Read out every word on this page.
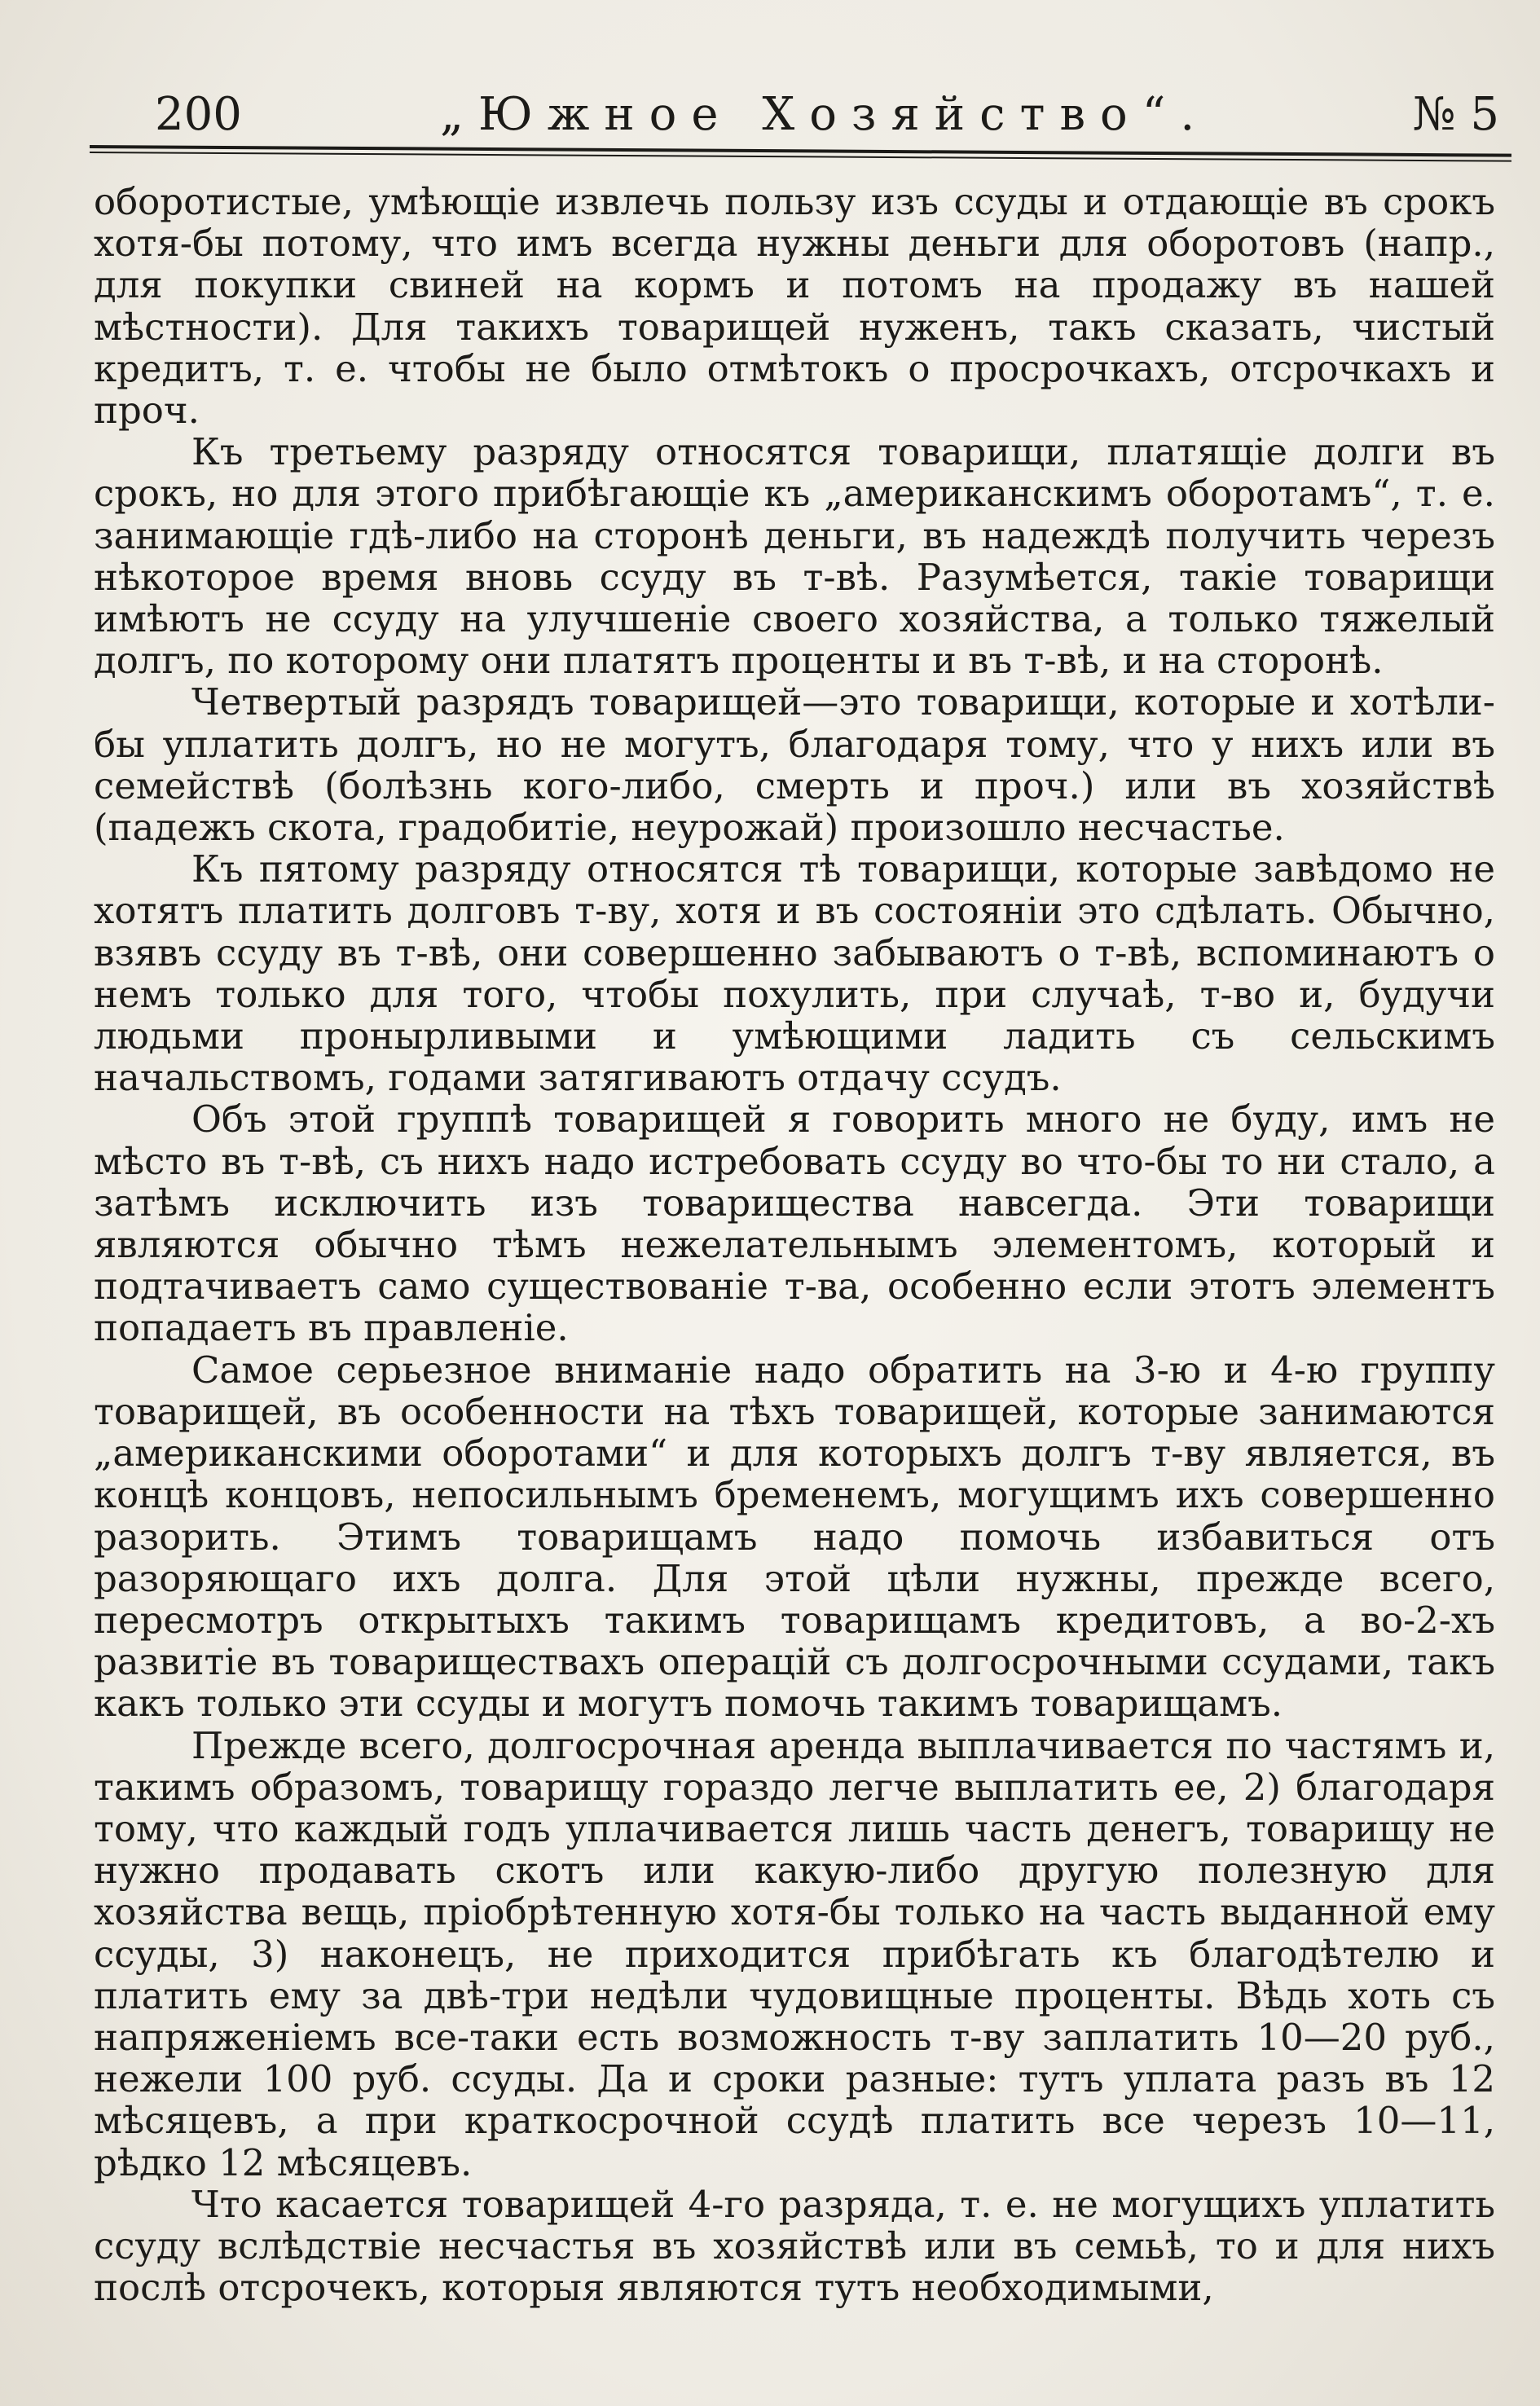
200	„Южное Хозяйство“.	№ 5

оборотистые, умѣющіе извлечь пользу изъ ссуды и отдающіе въ срокъ хотя-бы потому, что имъ всегда нужны деньги для оборотовъ (напр., для покупки свиней на кормъ и потомъ на продажу въ нашей мѣстности). Для такихъ товарищей нуженъ, такъ сказать, чистый кредитъ, т. е. чтобы не было отмѣтокъ о просрочкахъ, отсрочкахъ и проч.

Къ третьему разряду относятся товарищи, платящіе долги въ срокъ, но для этого прибѣгающіе къ „американскимъ оборотамъ“, т. е. занимающіе гдѣ-либо на сторонѣ деньги, въ надеждѣ получить черезъ нѣкоторое время вновь ссуду въ т-вѣ. Разумѣется, такіе товарищи имѣютъ не ссуду на улучшеніе своего хозяйства, а только тяжелый долгъ, по которому они платятъ проценты и въ т-вѣ, и на сторонѣ.

Четвертый разрядъ товарищей—это товарищи, которые и хотѣли-бы уплатить долгъ, но не могутъ, благодаря тому, что у нихъ или въ семействѣ (болѣзнь кого-либо, смерть и проч.) или въ хозяйствѣ (падежъ скота, градобитіе, неурожай) произошло несчастье.

Къ пятому разряду относятся тѣ товарищи, которые завѣдомо не хотятъ платить долговъ т-ву, хотя и въ состояніи это сдѣлать. Обычно, взявъ ссуду въ т-вѣ, они совершенно забываютъ о т-вѣ, вспоминаютъ о немъ только для того, чтобы похулить, при случаѣ, т-во и, будучи людьми пронырливыми и умѣющими ладить съ сельскимъ начальствомъ, годами затягиваютъ отдачу ссудъ.

Объ этой группѣ товарищей я говорить много не буду, имъ не мѣсто въ т-вѣ, съ нихъ надо истребовать ссуду во что-бы то ни стало, а затѣмъ исключить изъ товарищества навсегда. Эти товарищи являются обычно тѣмъ нежелательнымъ элементомъ, который и подтачиваетъ само существованіе т-ва, особенно если этотъ элементъ попадаетъ въ правленіе.

Самое серьезное вниманіе надо обратить на 3-ю и 4-ю группу товарищей, въ особенности на тѣхъ товарищей, которые занимаются „американскими оборотами“ и для которыхъ долгъ т-ву является, въ концѣ концовъ, непосильнымъ бременемъ, могущимъ ихъ совершенно разорить. Этимъ товарищамъ надо помочь избавиться отъ разоряющаго ихъ долга. Для этой цѣли нужны, прежде всего, пересмотръ открытыхъ такимъ товарищамъ кредитовъ, а во-2-хъ развитіе въ товариществахъ операцій съ долгосрочными ссудами, такъ какъ только эти ссуды и могутъ помочь такимъ товарищамъ.

Прежде всего, долгосрочная аренда выплачивается по частямъ и, такимъ образомъ, товарищу гораздо легче выплатить ее, 2) благодаря тому, что каждый годъ уплачивается лишь часть денегъ, товарищу не нужно продавать скотъ или какую-либо другую полезную для хозяйства вещь, пріобрѣтенную хотя-бы только на часть выданной ему ссуды, 3) наконецъ, не приходится прибѣгать къ благодѣтелю и платить ему за двѣ-три недѣли чудовищные проценты. Вѣдь хоть съ напряженіемъ все-таки есть возможность т-ву заплатить 10—20 руб., нежели 100 руб. ссуды. Да и сроки разные: тутъ уплата разъ въ 12 мѣсяцевъ, а при краткосрочной ссудѣ платить все черезъ 10—11, рѣдко 12 мѣсяцевъ.

Что касается товарищей 4-го разряда, т. е. не могущихъ уплатить ссуду вслѣдствіе несчастья въ хозяйствѣ или въ семьѣ, то и для нихъ послѣ отсрочекъ, которыя являются тутъ необходимыми,
